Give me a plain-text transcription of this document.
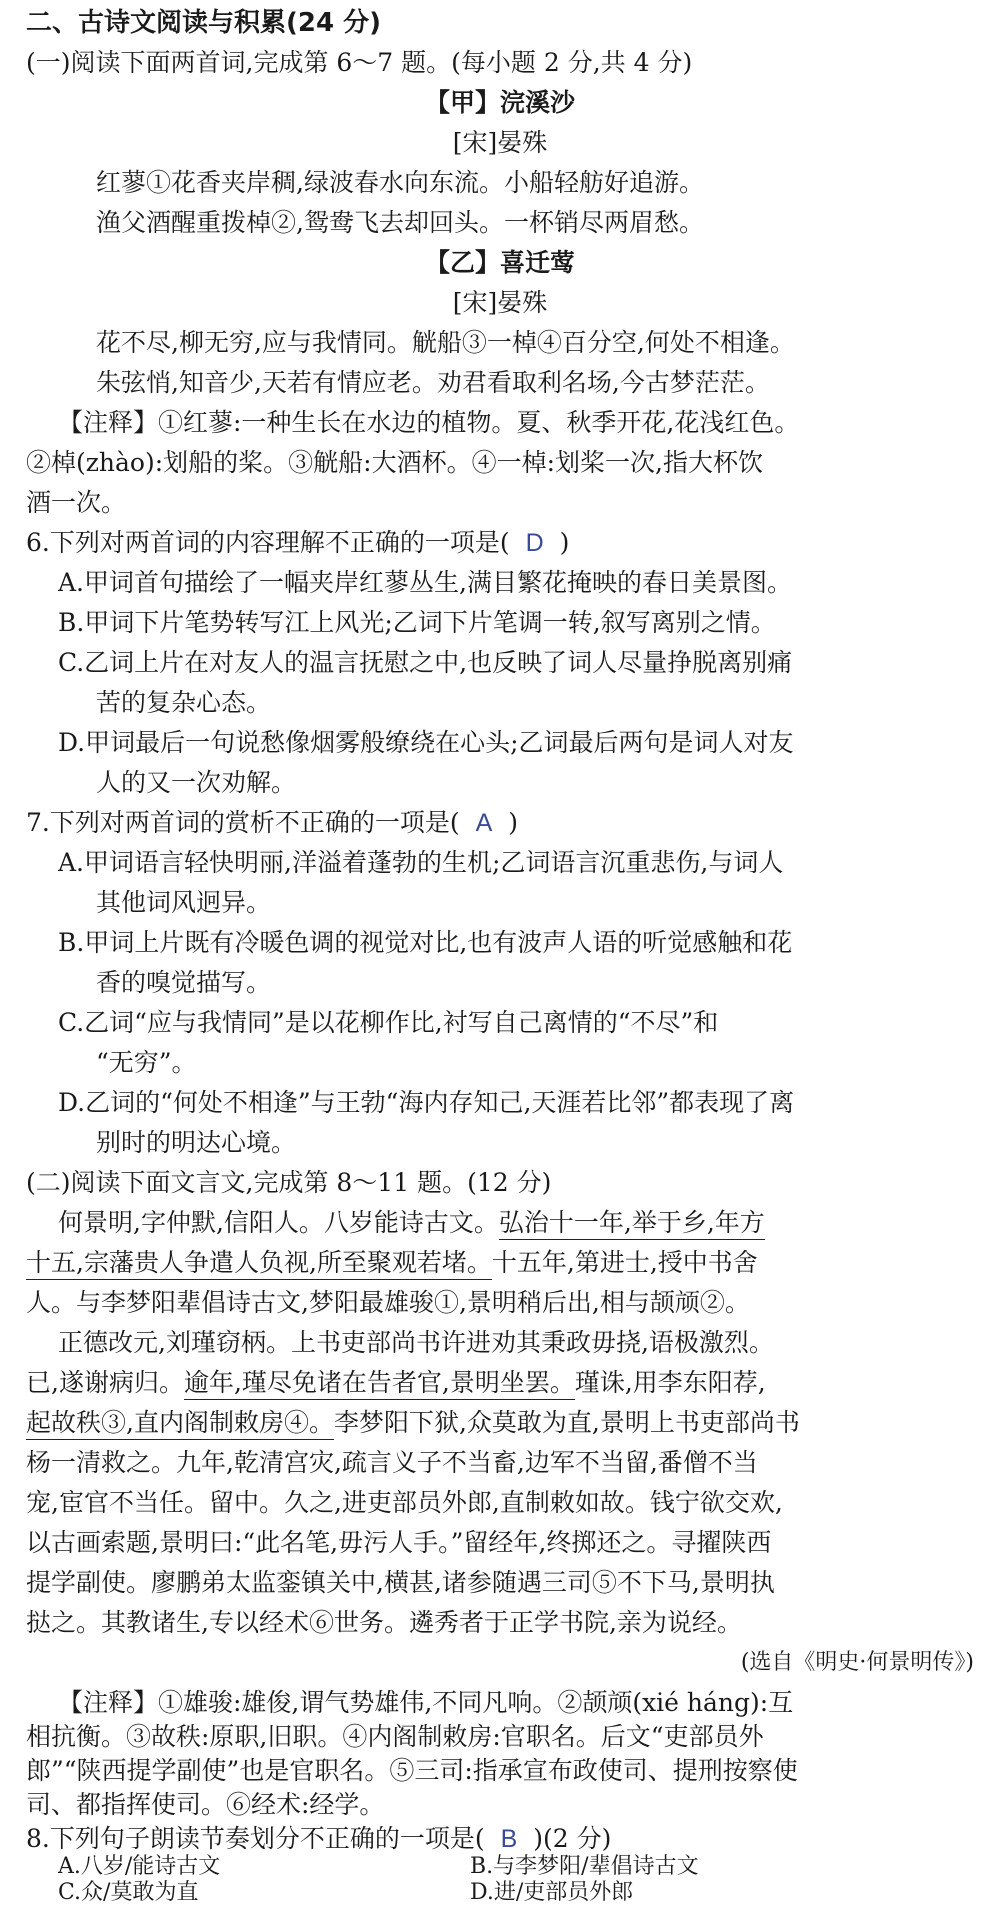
二、古诗文阅读与积累(24 分)
(一)阅读下面两首词,完成第 6～7 题。(每小题 2 分,共 4 分)
【甲】浣溪沙
[宋]晏殊
红蓼①花香夹岸稠,绿波春水向东流。小船轻舫好追游。
渔父酒醒重拨棹②,鸳鸯飞去却回头。一杯销尽两眉愁。
【乙】喜迁莺
[宋]晏殊
花不尽,柳无穷,应与我情同。觥船③一棹④百分空,何处不相逢。
朱弦悄,知音少,天若有情应老。劝君看取利名场,今古梦茫茫。
【注释】①红蓼:一种生长在水边的植物。夏、秋季开花,花浅红色。
②棹(zhào):划船的桨。③觥船:大酒杯。④一棹:划桨一次,指大杯饮
酒一次。
6.下列对两首词的内容理解不正确的一项是( D )
A.甲词首句描绘了一幅夹岸红蓼丛生,满目繁花掩映的春日美景图。
B.甲词下片笔势转写江上风光;乙词下片笔调一转,叙写离别之情。
C.乙词上片在对友人的温言抚慰之中,也反映了词人尽量挣脱离别痛
苦的复杂心态。
D.甲词最后一句说愁像烟雾般缭绕在心头;乙词最后两句是词人对友
人的又一次劝解。
7.下列对两首词的赏析不正确的一项是( A )
A.甲词语言轻快明丽,洋溢着蓬勃的生机;乙词语言沉重悲伤,与词人
其他词风迥异。
B.甲词上片既有冷暖色调的视觉对比,也有波声人语的听觉感触和花
香的嗅觉描写。
C.乙词“应与我情同”是以花柳作比,衬写自己离情的“不尽”和
“无穷”。
D.乙词的“何处不相逢”与王勃“海内存知己,天涯若比邻”都表现了离
别时的明达心境。
(二)阅读下面文言文,完成第 8～11 题。(12 分)
何景明,字仲默,信阳人。八岁能诗古文。弘治十一年,举于乡,年方
十五,宗藩贵人争遣人负视,所至聚观若堵。十五年,第进士,授中书舍
人。与李梦阳辈倡诗古文,梦阳最雄骏①,景明稍后出,相与颉颃②。
正德改元,刘瑾窃柄。上书吏部尚书许进劝其秉政毋挠,语极激烈。
已,遂谢病归。逾年,瑾尽免诸在告者官,景明坐罢。瑾诛,用李东阳荐,
起故秩③,直内阁制敕房④。李梦阳下狱,众莫敢为直,景明上书吏部尚书
杨一清救之。九年,乾清宫灾,疏言义子不当畜,边军不当留,番僧不当
宠,宦官不当任。留中。久之,进吏部员外郎,直制敕如故。钱宁欲交欢,
以古画索题,景明曰:“此名笔,毋污人手。”留经年,终掷还之。寻擢陕西
提学副使。廖鹏弟太监銮镇关中,横甚,诸参随遇三司⑤不下马,景明执
挞之。其教诸生,专以经术⑥世务。遴秀者于正学书院,亲为说经。
(选自《明史·何景明传》)
【注释】①雄骏:雄俊,谓气势雄伟,不同凡响。②颉颃(xié háng):互
相抗衡。③故秩:原职,旧职。④内阁制敕房:官职名。后文“吏部员外
郎”“陕西提学副使”也是官职名。⑤三司:指承宣布政使司、提刑按察使
司、都指挥使司。⑥经术:经学。
8.下列句子朗读节奏划分不正确的一项是( B )(2 分)
A.八岁/能诗古文	B.与李梦阳/辈倡诗古文
C.众/莫敢为直	D.进/吏部员外郎
